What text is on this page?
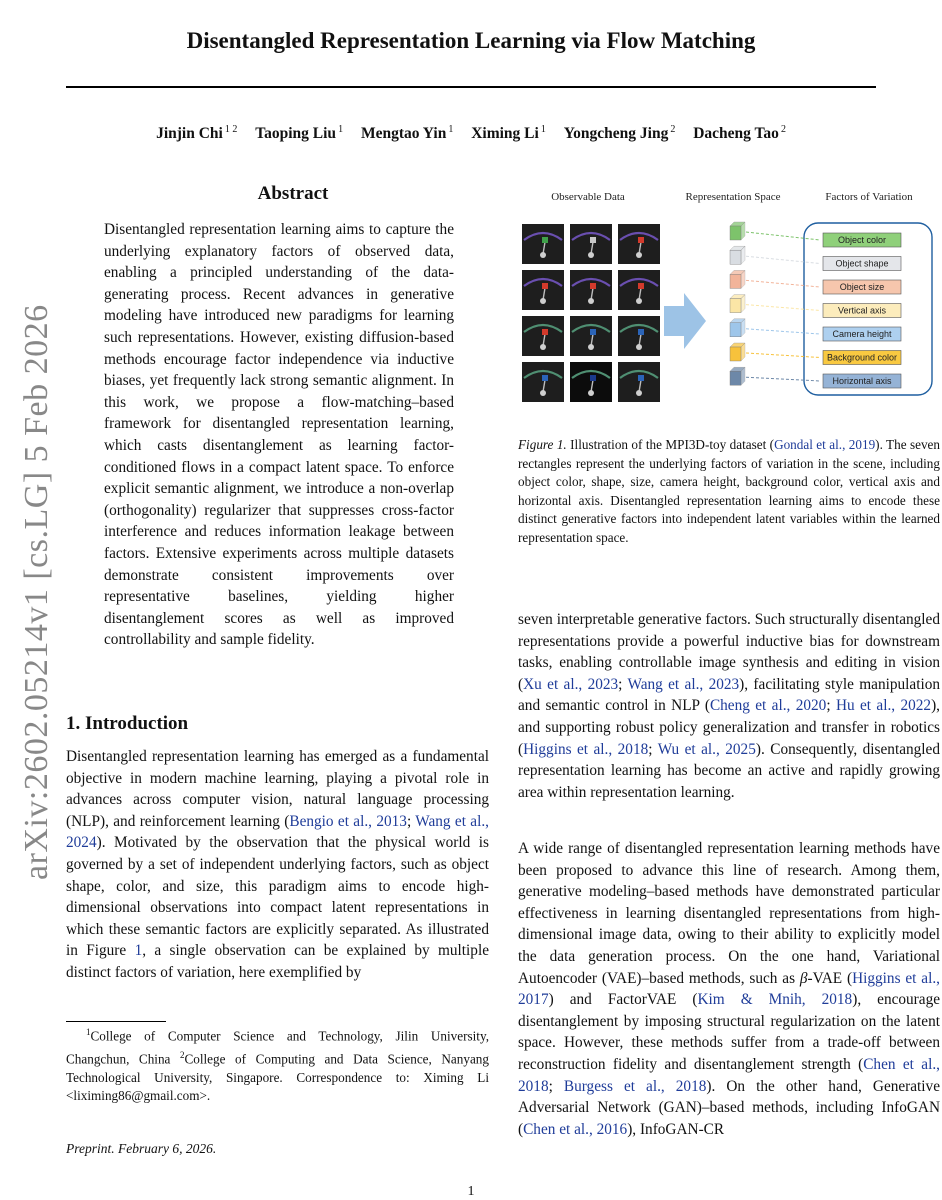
arXiv:2602.05214v1 [cs.LG] 5 Feb 2026
Disentangled Representation Learning via Flow Matching
Jinjin Chi $^{1 2}$ Taoping Liu $^1$ Mengtao Yin $^1$ Ximing Li $^1$ Yongcheng Jing $^2$ Dacheng Tao $^2$
Abstract
Disentangled representation learning aims to capture the underlying explanatory factors of observed data, enabling a principled understanding of the data-generating process. Recent advances in generative modeling have introduced new paradigms for learning such representations. However, existing diffusion-based methods encourage factor independence via inductive biases, yet frequently lack strong semantic alignment. In this work, we propose a flow-matching–based framework for disentangled representation learning, which casts disentanglement as learning factor-conditioned flows in a compact latent space. To enforce explicit semantic alignment, we introduce a non-overlap (orthogonality) regularizer that suppresses cross-factor interference and reduces information leakage between factors. Extensive experiments across multiple datasets demonstrate consistent improvements over representative baselines, yielding higher disentanglement scores as well as improved controllability and sample fidelity.
1. Introduction
Disentangled representation learning has emerged as a fundamental objective in modern machine learning, playing a pivotal role in advances across computer vision, natural language processing (NLP), and reinforcement learning (Bengio et al., 2013; Wang et al., 2024). Motivated by the observation that the physical world is governed by a set of independent underlying factors, such as object shape, color, and size, this paradigm aims to encode high-dimensional observations into compact latent representations in which these semantic factors are explicitly separated. As illustrated in Figure 1, a single observation can be explained by multiple distinct factors of variation, here exemplified by
$^1$College of Computer Science and Technology, Jilin University, Changchun, China $^2$College of Computing and Data Science, Nanyang Technological University, Singapore. Correspondence to: Ximing Li <liximing86@gmail.com>.
Preprint. February 6, 2026.
1
Observable Data	Representation Space	Factors of Variation
Object color
Object shape
Object size
Vertical axis
Camera height
Background color
Horizontal axis
Figure 1. Illustration of the MPI3D-toy dataset (Gondal et al., 2019). The seven rectangles represent the underlying factors of variation in the scene, including object color, shape, size, camera height, background color, vertical axis and horizontal axis. Disentangled representation learning aims to encode these distinct generative factors into independent latent variables within the learned representation space.
seven interpretable generative factors. Such structurally disentangled representations provide a powerful inductive bias for downstream tasks, enabling controllable image synthesis and editing in vision (Xu et al., 2023; Wang et al., 2023), facilitating style manipulation and semantic control in NLP (Cheng et al., 2020; Hu et al., 2022), and supporting robust policy generalization and transfer in robotics (Higgins et al., 2018; Wu et al., 2025). Consequently, disentangled representation learning has become an active and rapidly growing area within representation learning.
A wide range of disentangled representation learning methods have been proposed to advance this line of research. Among them, generative modeling–based methods have demonstrated particular effectiveness in learning disentangled representations from high-dimensional image data, owing to their ability to explicitly model the data generation process. On the one hand, Variational Autoencoder (VAE)–based methods, such as β-VAE (Higgins et al., 2017) and FactorVAE (Kim & Mnih, 2018), encourage disentanglement by imposing structural regularization on the latent space. However, these methods suffer from a trade-off between reconstruction fidelity and disentanglement strength (Chen et al., 2018; Burgess et al., 2018). On the other hand, Generative Adversarial Network (GAN)–based methods, including InfoGAN (Chen et al., 2016), InfoGAN-CR
